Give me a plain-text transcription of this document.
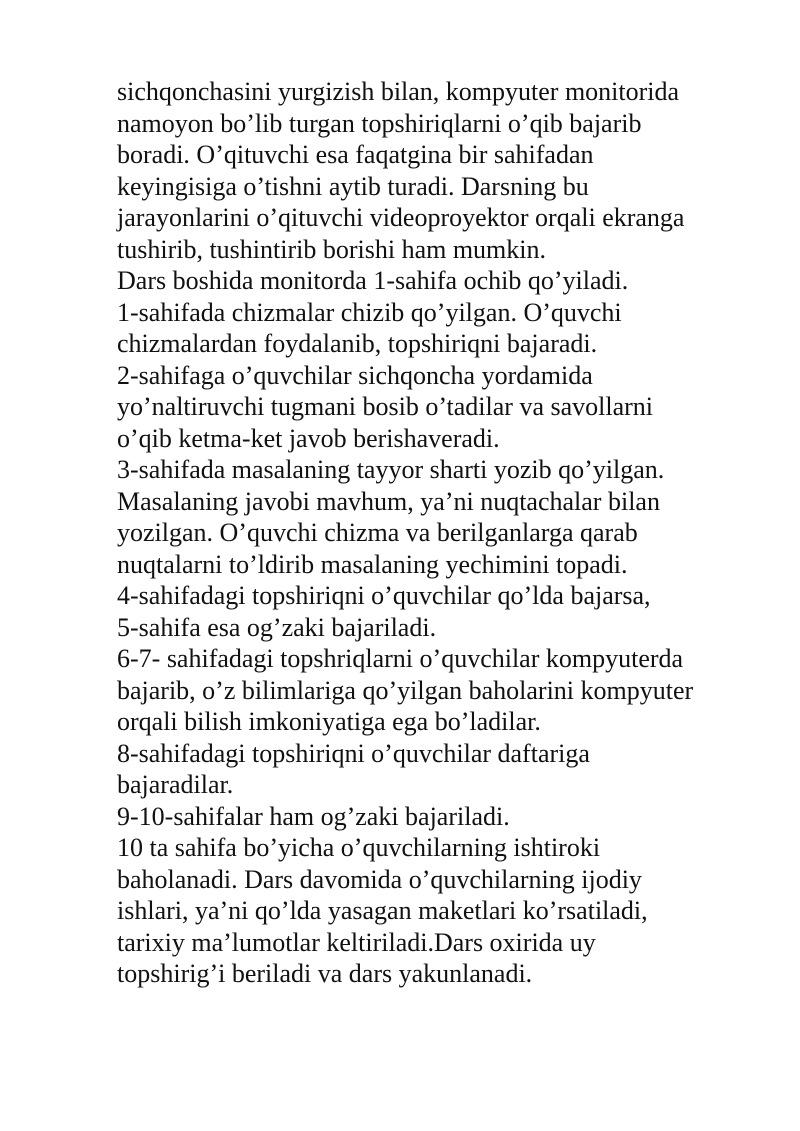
sichqonchasini yurgizish bilan, kompyuter monitorida
namoyon bo’lib turgan topshiriqlarni o’qib bajarib
boradi. O’qituvchi esa faqatgina bir sahifadan
keyingisiga o’tishni aytib turadi. Darsning bu
jarayonlarini o’qituvchi videoproyektor orqali ekranga
tushirib, tushintirib borishi ham mumkin.
Dars boshida monitorda 1-sahifa ochib qo’yiladi.
1-sahifada chizmalar chizib qo’yilgan. O’quvchi
chizmalardan foydalanib, topshiriqni bajaradi.
2-sahifaga o’quvchilar sichqoncha yordamida
yo’naltiruvchi tugmani bosib o’tadilar va savollarni
o’qib ketma-ket javob berishaveradi.
3-sahifada masalaning tayyor sharti yozib qo’yilgan.
Masalaning javobi mavhum, ya’ni nuqtachalar bilan
yozilgan. O’quvchi chizma va berilganlarga qarab
nuqtalarni to’ldirib masalaning yechimini topadi.
4-sahifadagi topshiriqni o’quvchilar qo’lda bajarsa,
5-sahifa esa og’zaki bajariladi.
6-7- sahifadagi topshriqlarni o’quvchilar kompyuterda
bajarib, o’z bilimlariga qo’yilgan baholarini kompyuter
orqali bilish imkoniyatiga ega bo’ladilar.
8-sahifadagi topshiriqni o’quvchilar daftariga
bajaradilar.
9-10-sahifalar ham og’zaki bajariladi.
10 ta sahifa bo’yicha o’quvchilarning ishtiroki
baholanadi. Dars davomida o’quvchilarning ijodiy
ishlari, ya’ni qo’lda yasagan maketlari ko’rsatiladi,
tarixiy ma’lumotlar keltiriladi.Dars oxirida uy
topshirig’i beriladi va dars yakunlanadi.
